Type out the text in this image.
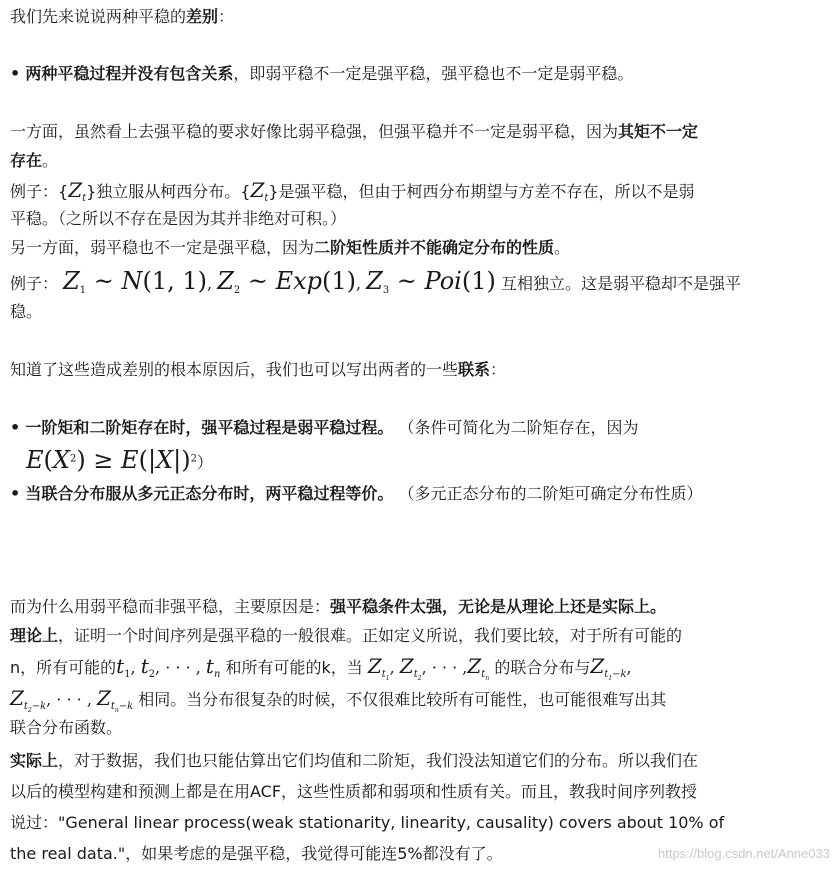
我们先来说说两种平稳的差别：
• 两种平稳过程并没有包含关系，即弱平稳不一定是强平稳，强平稳也不一定是弱平稳。
一方面，虽然看上去强平稳的要求好像比弱平稳强，但强平稳并不一定是弱平稳，因为其矩不一定
存在。
例子：$\{Z_t\}$独立服从柯西分布。$\{Z_t\}$是强平稳，但由于柯西分布期望与方差不存在，所以不是弱
平稳。（之所以不存在是因为其并非绝对可积。）
另一方面，弱平稳也不一定是强平稳，因为二阶矩性质并不能确定分布的性质。
例子： $Z_1$ ~ N(1, 1), $Z_2$ ~ Exp(1), $Z_3$ ~ Poi(1) 互相独立。这是弱平稳却不是强平
稳。
知道了这些造成差别的根本原因后，我们也可以写出两者的一些联系：
• 一阶矩和二阶矩存在时，强平稳过程是弱平稳过程。 （条件可简化为二阶矩存在，因为
$E(X^2) \ge E(|X|)^2$）
• 当联合分布服从多元正态分布时，两平稳过程等价。 （多元正态分布的二阶矩可确定分布性质）
而为什么用弱平稳而非强平稳，主要原因是：强平稳条件太强，无论是从理论上还是实际上。
理论上，证明一个时间序列是强平稳的一般很难。正如定义所说，我们要比较，对于所有可能的
n，所有可能的$t_1$, $t_2$, · · · , $t_n$ 和所有可能的k，当 $Z_{t_1}$, $Z_{t_2}$, · · · $,Z_{t_n}$ 的联合分布与$Z_{t_1-k}$,
$Z_{t_2-k}$, · · · , $Z_{t_n-k}$ 相同。当分布很复杂的时候，不仅很难比较所有可能性，也可能很难写出其
联合分布函数。
实际上，对于数据，我们也只能估算出它们均值和二阶矩，我们没法知道它们的分布。所以我们在
以后的模型构建和预测上都是在用ACF，这些性质都和弱项和性质有关。而且，教我时间序列教授
说过："General linear process(weak stationarity, linearity, causality) covers about 10% of
the real data."，如果考虑的是强平稳，我觉得可能连5%都没有了。	https://blog.csdn.net/Anne033
